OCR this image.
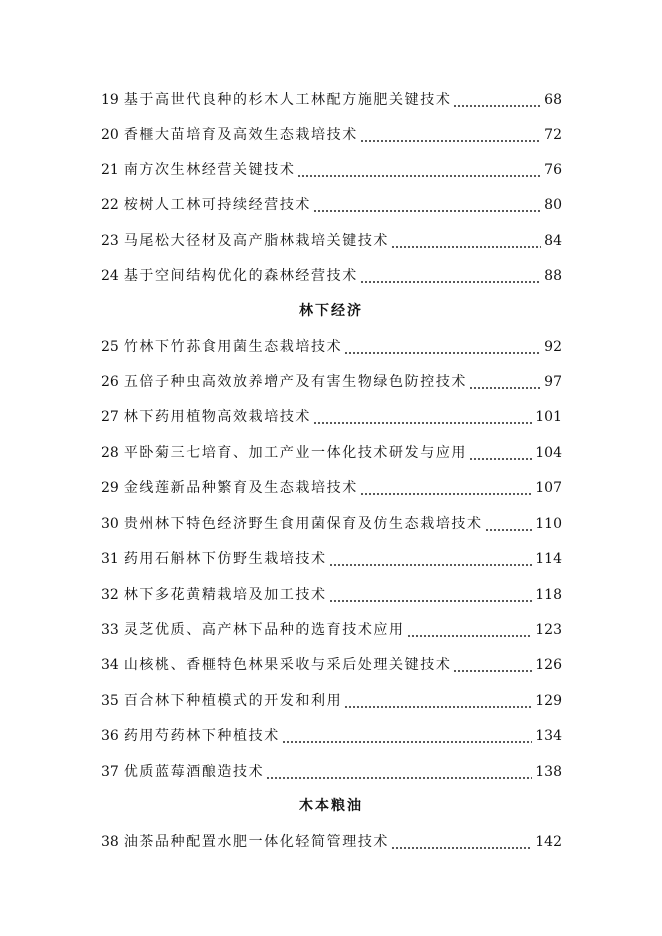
19 基于高世代良种的杉木人工林配方施肥关键技术	68
20 香榧大苗培育及高效生态栽培技术	72
21 南方次生林经营关键技术	76
22 桉树人工林可持续经营技术	80
23 马尾松大径材及高产脂林栽培关键技术	84
24 基于空间结构优化的森林经营技术	88
林下经济
25 竹林下竹荪食用菌生态栽培技术	92
26 五倍子种虫高效放养增产及有害生物绿色防控技术	97
27 林下药用植物高效栽培技术	101
28 平卧菊三七培育、加工产业一体化技术研发与应用	104
29 金线莲新品种繁育及生态栽培技术	107
30 贵州林下特色经济野生食用菌保育及仿生态栽培技术	110
31 药用石斛林下仿野生栽培技术	114
32 林下多花黄精栽培及加工技术	118
33 灵芝优质、高产林下品种的选育技术应用	123
34 山核桃、香榧特色林果采收与采后处理关键技术	126
35 百合林下种植模式的开发和利用	129
36 药用芍药林下种植技术	134
37 优质蓝莓酒酿造技术	138
木本粮油
38 油茶品种配置水肥一体化轻简管理技术	142
